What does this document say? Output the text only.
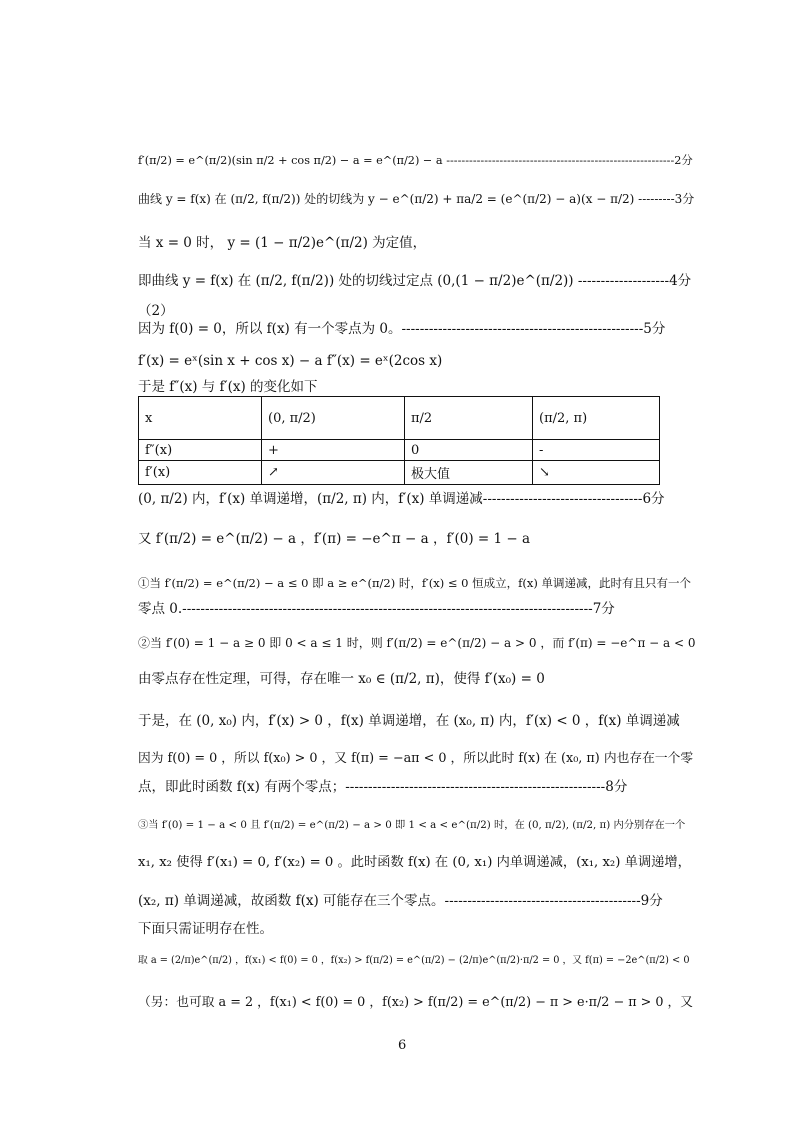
f′(π/2) = e^(π/2)(sin π/2 + cos π/2) − a = e^(π/2) − a ------------------------------------------------------------2分
曲线 y = f(x) 在 (π/2, f(π/2)) 处的切线为 y − e^(π/2) + πa/2 = (e^(π/2) − a)(x − π/2) ---------3分
当 x = 0 时， y = (1 − π/2)e^(π/2) 为定值，
即曲线 y = f(x) 在 (π/2, f(π/2)) 处的切线过定点 (0,(1 − π/2)e^(π/2)) --------------------4分
（2）
因为 f(0) = 0，所以 f(x) 有一个零点为 0。-----------------------------------------------------5分
f′(x) = eˣ(sin x + cos x) − a f″(x) = eˣ(2cos x)
于是 f″(x) 与 f′(x) 的变化如下
x	(0, π/2)	π/2	(π/2, π)
f″(x)	+	0	-
f′(x)	↗	极大值	↘
(0, π/2) 内，f′(x) 单调递增，(π/2, π) 内，f′(x) 单调递减-----------------------------------6分
又 f′(π/2) = e^(π/2) − a ，f′(π) = −e^π − a ，f′(0) = 1 − a
①当 f′(π/2) = e^(π/2) − a ≤ 0 即 a ≥ e^(π/2) 时，f′(x) ≤ 0 恒成立，f(x) 单调递减，此时有且只有一个
零点 0.------------------------------------------------------------------------------------------7分
②当 f′(0) = 1 − a ≥ 0 即 0 < a ≤ 1 时，则 f′(π/2) = e^(π/2) − a > 0 ，而 f′(π) = −e^π − a < 0
由零点存在性定理，可得，存在唯一 x₀ ∈ (π/2, π)，使得 f′(x₀) = 0
于是，在 (0, x₀) 内，f′(x) > 0 ，f(x) 单调递增，在 (x₀, π) 内，f′(x) < 0 ，f(x) 单调递减
因为 f(0) = 0 ，所以 f(x₀) > 0 ，又 f(π) = −aπ < 0 ，所以此时 f(x) 在 (x₀, π) 内也存在一个零
点，即此时函数 f(x) 有两个零点；---------------------------------------------------------8分
③当 f′(0) = 1 − a < 0 且 f′(π/2) = e^(π/2) − a > 0 即 1 < a < e^(π/2) 时，在 (0, π/2), (π/2, π) 内分别存在一个
x₁, x₂ 使得 f′(x₁) = 0, f′(x₂) = 0 。此时函数 f(x) 在 (0, x₁) 内单调递减，(x₁, x₂) 单调递增，
(x₂, π) 单调递减，故函数 f(x) 可能存在三个零点。-------------------------------------------9分
下面只需证明存在性。
取 a = (2/π)e^(π/2) ，f(x₁) < f(0) = 0 ，f(x₂) > f(π/2) = e^(π/2) − (2/π)e^(π/2)·π/2 = 0 ，又 f(π) = −2e^(π/2) < 0
（另：也可取 a = 2 ，f(x₁) < f(0) = 0 ，f(x₂) > f(π/2) = e^(π/2) − π > e·π/2 − π > 0 ，又
6
